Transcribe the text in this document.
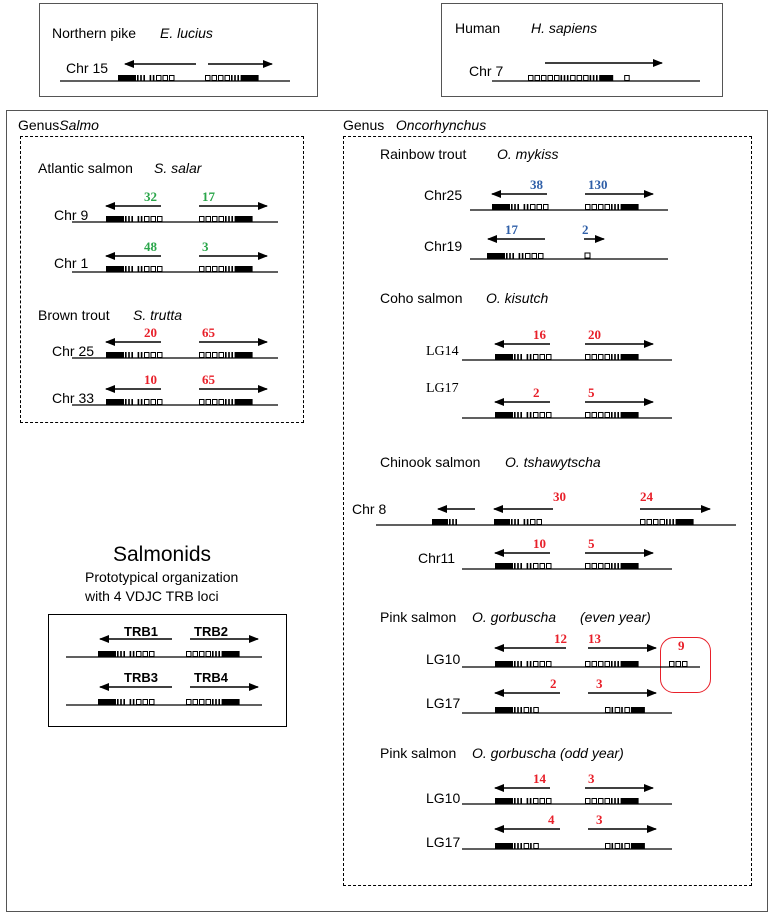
Northern pike E. lucius
Chr 15
Human H. sapiens
Chr 7
GenusSalmo
Atlantic salmon S. salar
Chr 9
Chr 1
Brown trout S. trutta
Chr 25
Chr 33
Genus Oncorhynchus
Rainbow trout O. mykiss
Chr25
Chr19
Coho salmon O. kisutch
LG14
LG17
Chinook salmon O. tshawytscha
Chr 8
Chr11
Pink salmon O. gorbuscha (even year)
LG10
LG17
Pink salmon O. gorbuscha (odd year)
LG10
LG17
Salmonids
Prototypical organization
with 4 VDJC TRB loci
TRB1	TRB2
TRB3	TRB4
32	17
48	3
20	65
10	65
38	130
17	2
16	20
2	5
30	24
10	5
12 13	9
2	3
14	3
4	3
